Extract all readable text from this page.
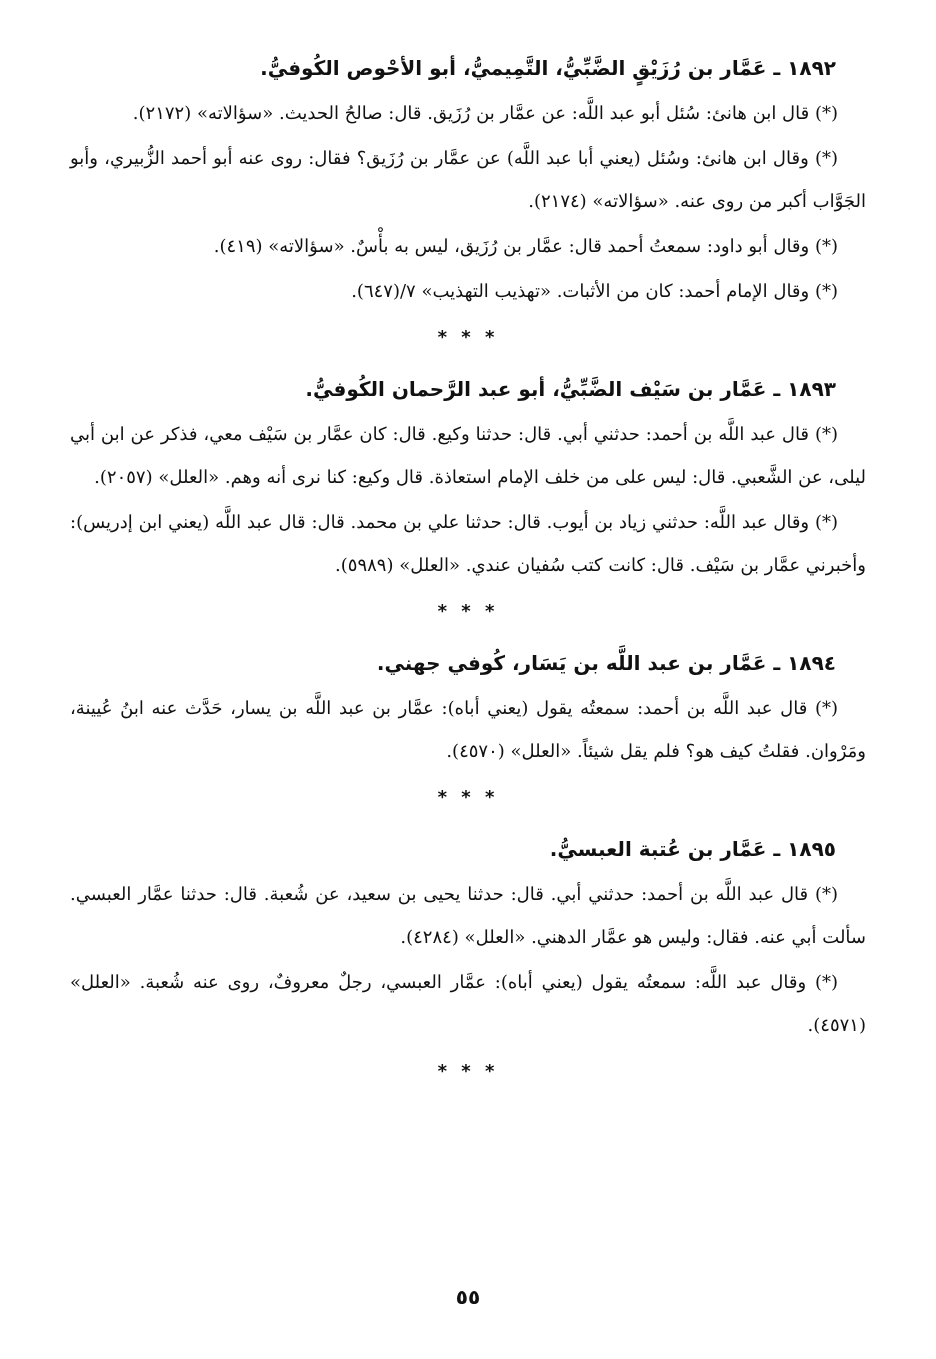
١٨٩٢ ـ عَمَّار بن رُزَيْقٍ الضَّبِّيُّ، التَّمِيميُّ، أبو الأحْوص الكُوفيُّ.

(*) قال ابن هانئ: سُئل أبو عبد اللَّه: عن عمَّار بن رُزَيق. قال: صالحُ الحديث. «سؤالاته» (٢١٧٢).

(*) وقال ابن هانئ: وسُئل (يعني أبا عبد اللَّه) عن عمَّار بن رُزَيق؟ فقال: روى عنه أبو أحمد الزُّبيري، وأبو الجَوَّاب أكبر من روى عنه. «سؤالاته» (٢١٧٤).

(*) وقال أبو داود: سمعتُ أحمد قال: عمَّار بن رُزَيق، ليس به بأْسٌ. «سؤالاته» (٤١٩).

(*) وقال الإمام أحمد: كان من الأثبات. «تهذيب التهذيب» ٧/(٦٤٧).

* * *

١٨٩٣ ـ عَمَّار بن سَيْف الضَّبِّيُّ، أبو عبد الرَّحمان الكُوفيُّ.

(*) قال عبد اللَّه بن أحمد: حدثني أبي. قال: حدثنا وكيع. قال: كان عمَّار بن سَيْف معي، فذكر عن ابن أبي ليلى، عن الشَّعبي. قال: ليس على من خلف الإمام استعاذة. قال وكيع: كنا نرى أنه وهم. «العلل» (٢٠٥٧).

(*) وقال عبد اللَّه: حدثني زياد بن أيوب. قال: حدثنا علي بن محمد. قال: قال عبد اللَّه (يعني ابن إدريس): وأخبرني عمَّار بن سَيْف. قال: كانت كتب سُفيان عندي. «العلل» (٥٩٨٩).

* * *

١٨٩٤ ـ عَمَّار بن عبد اللَّه بن يَسَار، كُوفي جهني.

(*) قال عبد اللَّه بن أحمد: سمعتُه يقول (يعني أباه): عمَّار بن عبد اللَّه بن يسار، حَدَّث عنه ابنُ عُيينة، ومَرْوان. فقلتُ كيف هو؟ فلم يقل شيئاً. «العلل» (٤٥٧٠).

* * *

١٨٩٥ ـ عَمَّار بن عُتبة العبسيُّ.

(*) قال عبد اللَّه بن أحمد: حدثني أبي. قال: حدثنا يحيى بن سعيد، عن شُعبة. قال: حدثنا عمَّار العبسي. سألت أبي عنه. فقال: وليس هو عمَّار الدهني. «العلل» (٤٢٨٤).

(*) وقال عبد اللَّه: سمعتُه يقول (يعني أباه): عمَّار العبسي، رجلٌ معروفٌ، روى عنه شُعبة. «العلل» (٤٥٧١).

* * *

٥٥
